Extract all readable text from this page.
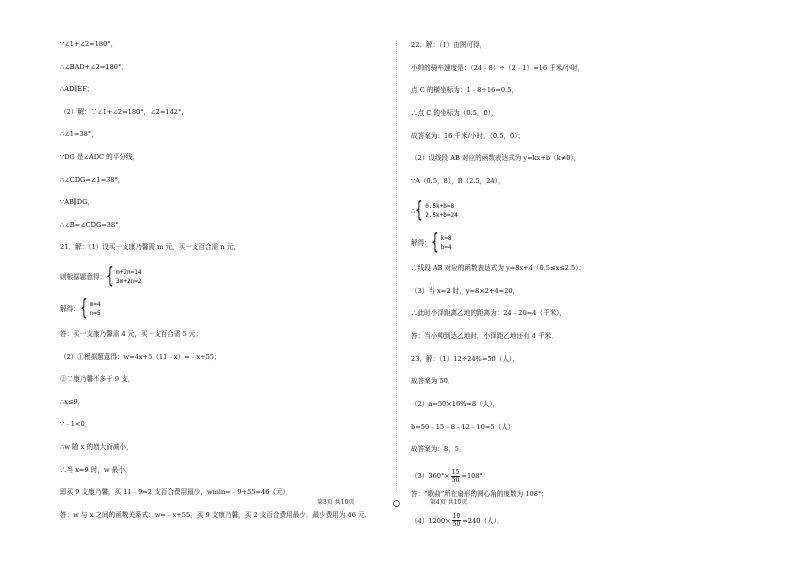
∵∠1+∠2=180°，
∴∠BAD+∠2=180°，
∴AD∥EF；
（2）解：∵∠1+∠2=180°，∠2=142°，
∴∠1=38°，
∵DG 是∠ADC 的平分线，
∴∠CDG=∠1=38°，
∵AB∥DG，
∴∠B=∠CDG=38°．
21．解：（1）设买一支康乃馨需 m 元，买一支百合需 n 元，
则根据题意得： { m+2n=14
3m+2n=2
解得： { m=4
n=5
答：买一支康乃馨需 4 元，买一支百合需 5 元；
（2）①根据题意得：w=4x+5（11﹣x）=﹣x+55；
②∵康乃馨不多于 9 支，
∴x≤9，
∵﹣1<0，
∴w 随 x 的增大而减小，
∴当 x=9 时，w 最小，
即买 9 支康乃馨，买 11﹣9=2 支百合费用最少，wmin=﹣9+55=46（元）．
答：w 与 x 之间的函数关系式：w=﹣x+55，买 9 支康乃馨，买 2 支百合费用最少，最少费用为 46 元．
第3页 共10页
22．解：（1）由图可得，
小帅的骑车速度是：（24﹣8）÷（2﹣1）=16 千米/小时，
点 C 的横坐标为：1﹣8÷16=0.5，
∴点 C 的坐标为（0.5，0），
故答案为：16 千米/小时，（0.5，0）；
（2）设线段 AB 对应的函数表达式为 y=kx+b（k≠0），
∵A（0.5，8），B（2.5，24），
∴ { 0.5k+b=8
2.5k+b=24
解得： { k=8
b=4
∴线段 AB 对应的函数表达式为 y=8x+4（0.5≤x≤2.5）；
（3）当 x=2 时，y=8×2+4=20，
∴此时小泽距离乙地的距离为：24﹣20=4（千米），
答：当小帅到达乙地时，小泽距乙地还有 4 千米．
23．解：（1）12÷24%=50（人），
故答案为 50．
（2）a=50×16%=8（人），
b=50﹣15﹣8﹣12﹣10=5（人）
故答案为：8，5．
$(3)360^\circ\times \frac{15}{50} =108^\circ$
答：“歌曲”所在扇形的圆心角的度数为 108°；
$(4)1200\times \frac{10}{50} =240$（人）．
第4页 共10页
